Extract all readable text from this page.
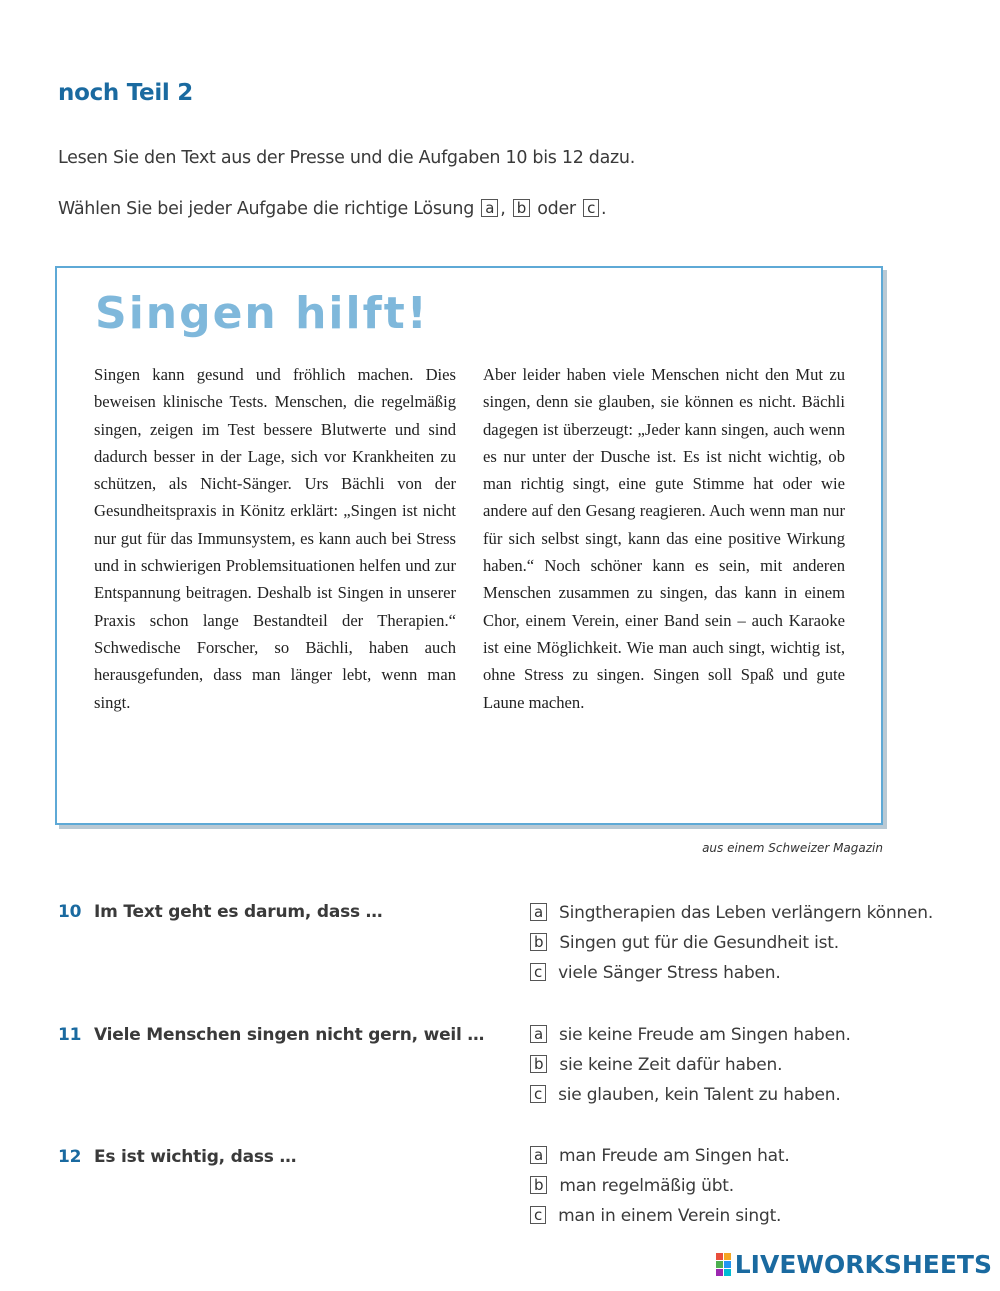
noch Teil 2
Lesen Sie den Text aus der Presse und die Aufgaben 10 bis 12 dazu.
Wählen Sie bei jeder Aufgabe die richtige Lösung a , b oder c .
Singen hilft!
Singen kann gesund und fröhlich machen. Dies beweisen klinische Tests. Menschen, die regelmäßig singen, zeigen im Test bessere Blutwerte und sind dadurch besser in der Lage, sich vor Krankheiten zu schützen, als Nicht-Sänger. Urs Bächli von der Gesundheitspraxis in Könitz erklärt: „Singen ist nicht nur gut für das Immunsystem, es kann auch bei Stress und in schwierigen Problemsituationen helfen und zur Entspannung beitragen. Deshalb ist Singen in unserer Praxis schon lange Bestandteil der Therapien.“ Schwedische Forscher, so Bächli, haben auch herausgefunden, dass man länger lebt, wenn man singt.
Aber leider haben viele Menschen nicht den Mut zu singen, denn sie glauben, sie können es nicht. Bächli dagegen ist überzeugt: „Jeder kann singen, auch wenn es nur unter der Dusche ist. Es ist nicht wichtig, ob man richtig singt, eine gute Stimme hat oder wie andere auf den Gesang reagieren. Auch wenn man nur für sich selbst singt, kann das eine positive Wirkung haben.“ Noch schöner kann es sein, mit anderen Menschen zusammen zu singen, das kann in einem Chor, einem Verein, einer Band sein – auch Karaoke ist eine Möglichkeit. Wie man auch singt, wichtig ist, ohne Stress zu singen. Singen soll Spaß und gute Laune machen.
aus einem Schweizer Magazin
10 Im Text geht es darum, dass …	a Singtherapien das Leben verlängern können.
b Singen gut für die Gesundheit ist.
c viele Sänger Stress haben.
11 Viele Menschen singen nicht gern, weil …	a sie keine Freude am Singen haben.
b sie keine Zeit dafür haben.
c sie glauben, kein Talent zu haben.
12 Es ist wichtig, dass …	a man Freude am Singen hat.
b man regelmäßig übt.
c man in einem Verein singt.
LIVEWORKSHEETS
